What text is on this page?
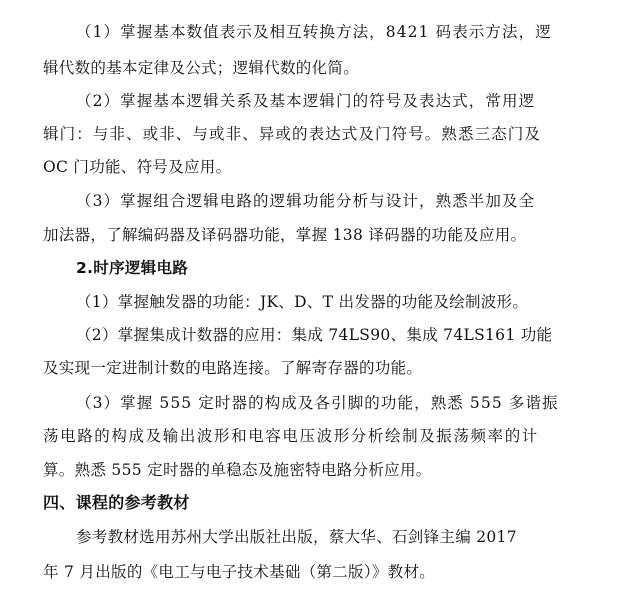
（1）掌握基本数值表示及相互转换方法，8421 码表示方法，逻
辑代数的基本定律及公式；逻辑代数的化简。
（2）掌握基本逻辑关系及基本逻辑门的符号及表达式，常用逻
辑门：与非、或非、与或非、异或的表达式及门符号。熟悉三态门及
OC 门功能、符号及应用。
（3）掌握组合逻辑电路的逻辑功能分析与设计，熟悉半加及全
加法器，了解编码器及译码器功能，掌握 138 译码器的功能及应用。
2.时序逻辑电路
（1）掌握触发器的功能：JK、D、T 出发器的功能及绘制波形。
（2）掌握集成计数器的应用：集成 74LS90、集成 74LS161 功能
及实现一定进制计数的电路连接。了解寄存器的功能。
（3）掌握 555 定时器的构成及各引脚的功能，熟悉 555 多谐振
荡电路的构成及输出波形和电容电压波形分析绘制及振荡频率的计
算。熟悉 555 定时器的单稳态及施密特电路分析应用。
四、课程的参考教材
参考教材选用苏州大学出版社出版，蔡大华、石剑锋主编 2017
年 7 月出版的《电工与电子技术基础（第二版）》教材。
